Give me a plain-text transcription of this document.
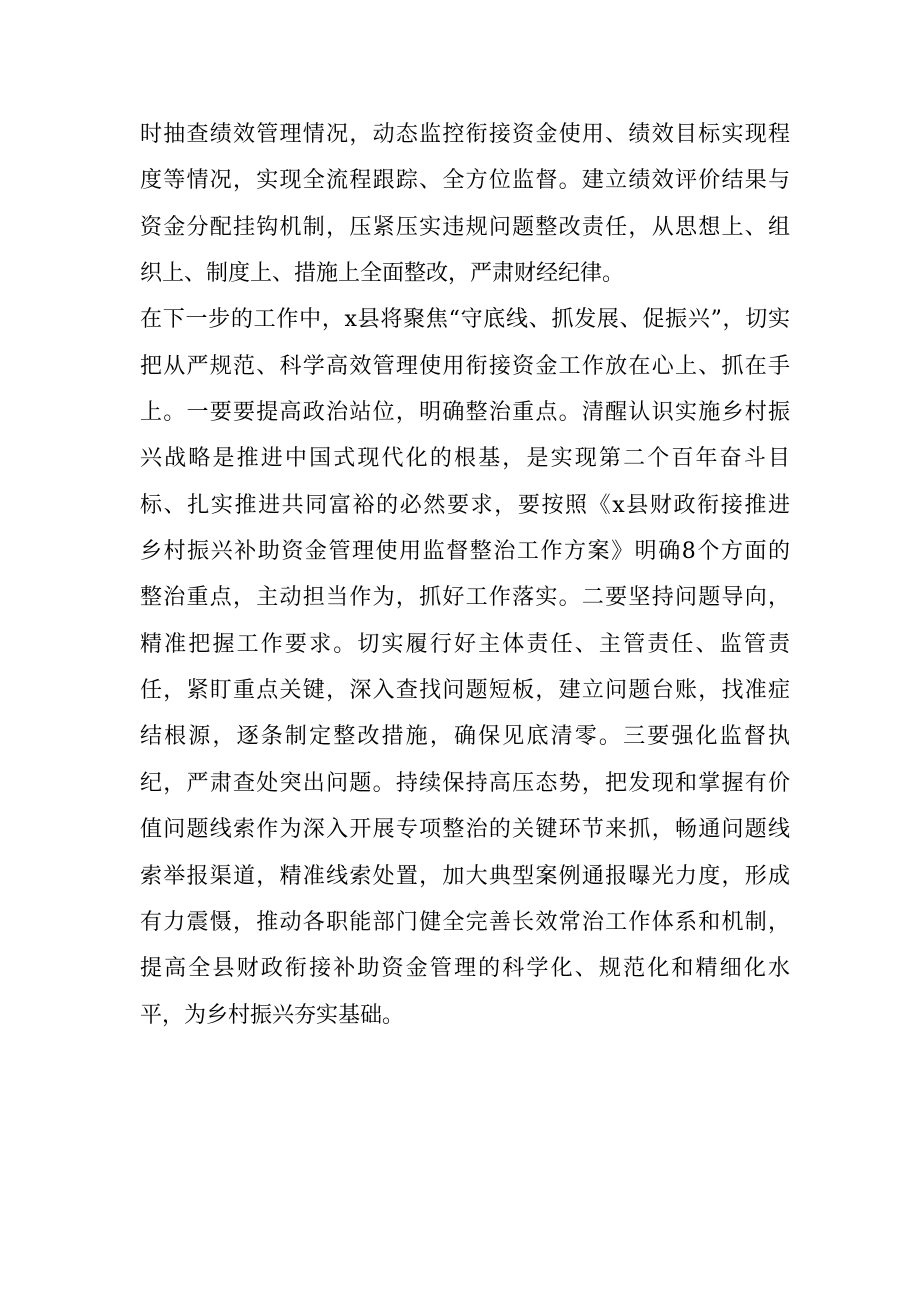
时抽查绩效管理情况，动态监控衔接资金使用、绩效目标实现程
度等情况，实现全流程跟踪、全方位监督。建立绩效评价结果与
资金分配挂钩机制，压紧压实违规问题整改责任，从思想上、组
织上、制度上、措施上全面整改，严肃财经纪律。
在下一步的工作中，x县将聚焦“守底线、抓发展、促振兴”，切实
把从严规范、科学高效管理使用衔接资金工作放在心上、抓在手
上。一要要提高政治站位，明确整治重点。清醒认识实施乡村振
兴战略是推进中国式现代化的根基，是实现第二个百年奋斗目
标、扎实推进共同富裕的必然要求，要按照《x县财政衔接推进
乡村振兴补助资金管理使用监督整治工作方案》明确8个方面的
整治重点，主动担当作为，抓好工作落实。二要坚持问题导向，
精准把握工作要求。切实履行好主体责任、主管责任、监管责
任，紧盯重点关键，深入查找问题短板，建立问题台账，找准症
结根源，逐条制定整改措施，确保见底清零。三要强化监督执
纪，严肃查处突出问题。持续保持高压态势，把发现和掌握有价
值问题线索作为深入开展专项整治的关键环节来抓，畅通问题线
索举报渠道，精准线索处置，加大典型案例通报曝光力度，形成
有力震慑，推动各职能部门健全完善长效常治工作体系和机制，
提高全县财政衔接补助资金管理的科学化、规范化和精细化水
平，为乡村振兴夯实基础。
